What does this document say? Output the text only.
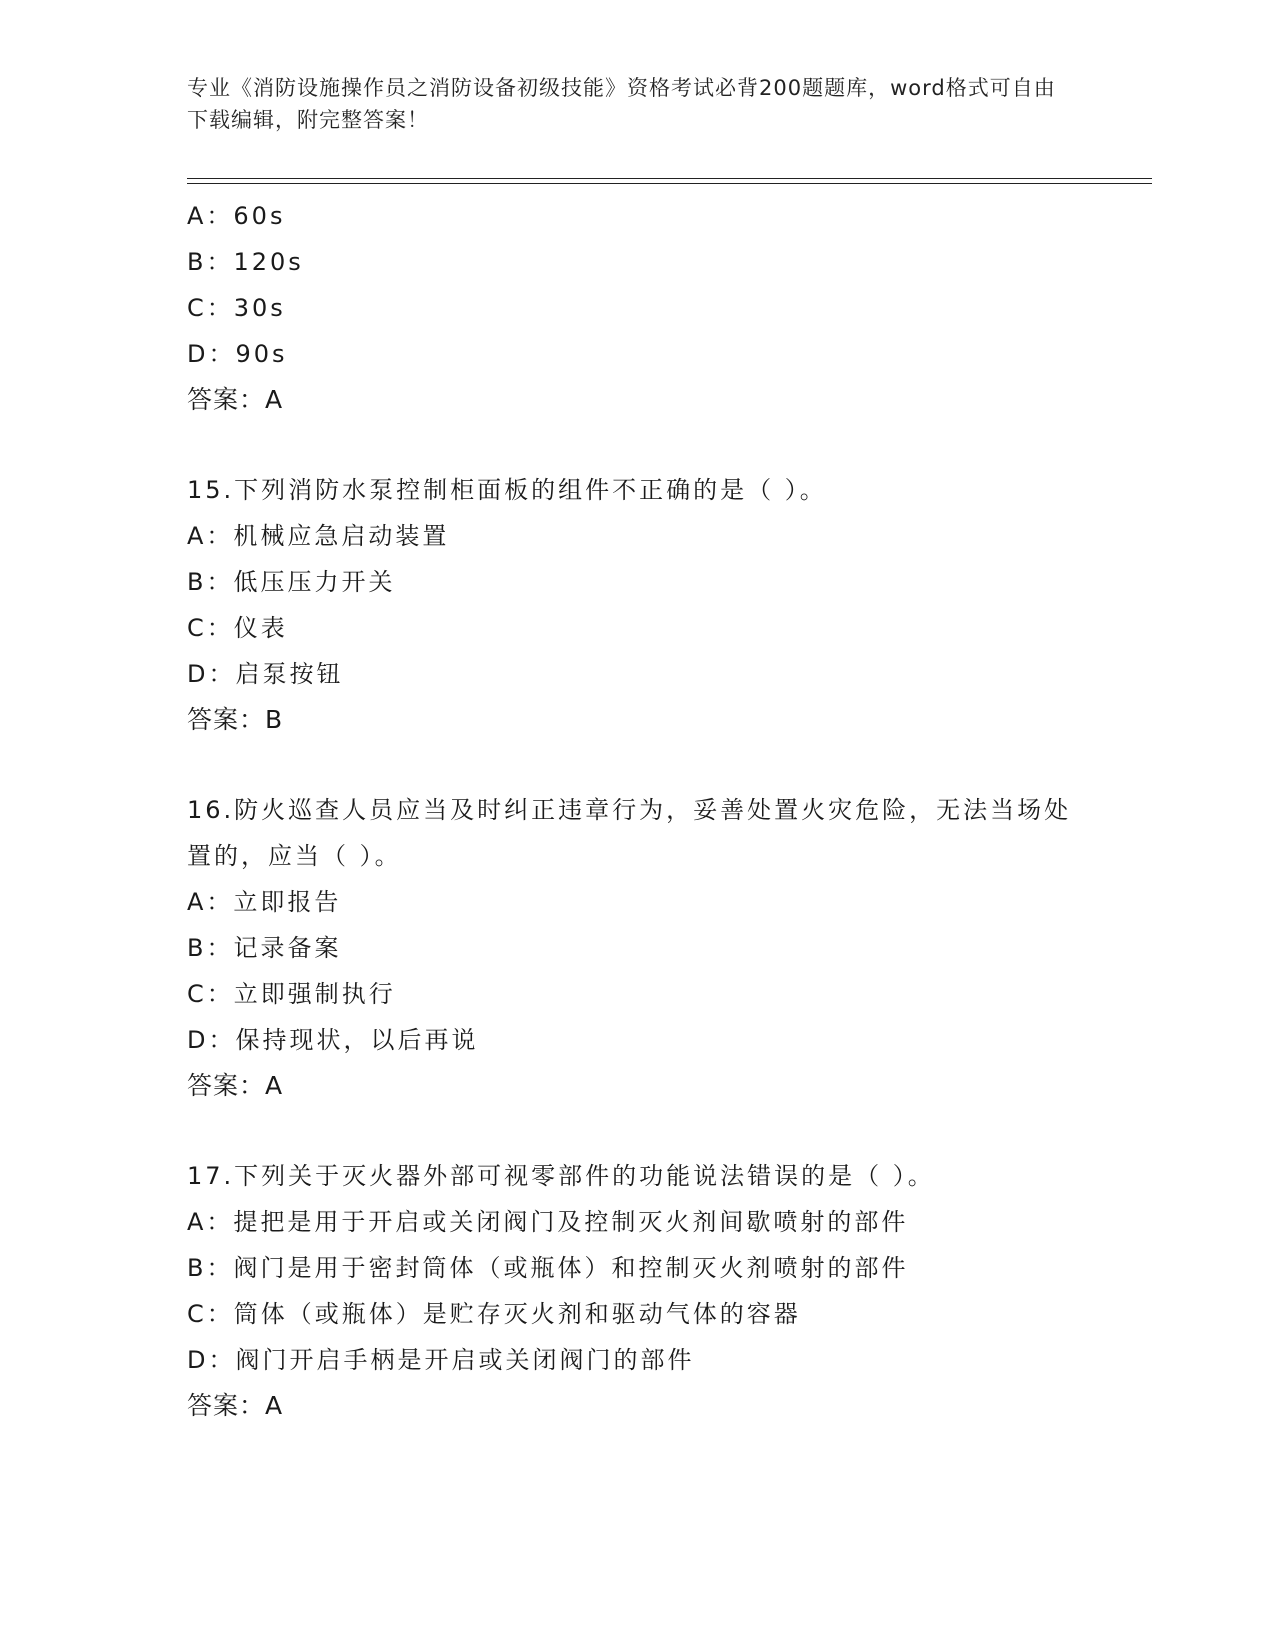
专业《消防设施操作员之消防设备初级技能》资格考试必背200题题库，word格式可自由下载编辑，附完整答案！
A：60s
B：120s
C：30s
D：90s
答案：A
15.下列消防水泵控制柜面板的组件不正确的是（ ）。
A：机械应急启动装置
B：低压压力开关
C：仪表
D：启泵按钮
答案：B
16.防火巡查人员应当及时纠正违章行为，妥善处置火灾危险，无法当场处置的，应当（ ）。
A：立即报告
B：记录备案
C：立即强制执行
D：保持现状，以后再说
答案：A
17.下列关于灭火器外部可视零部件的功能说法错误的是（ ）。
A：提把是用于开启或关闭阀门及控制灭火剂间歇喷射的部件
B：阀门是用于密封筒体（或瓶体）和控制灭火剂喷射的部件
C：筒体（或瓶体）是贮存灭火剂和驱动气体的容器
D：阀门开启手柄是开启或关闭阀门的部件
答案：A
